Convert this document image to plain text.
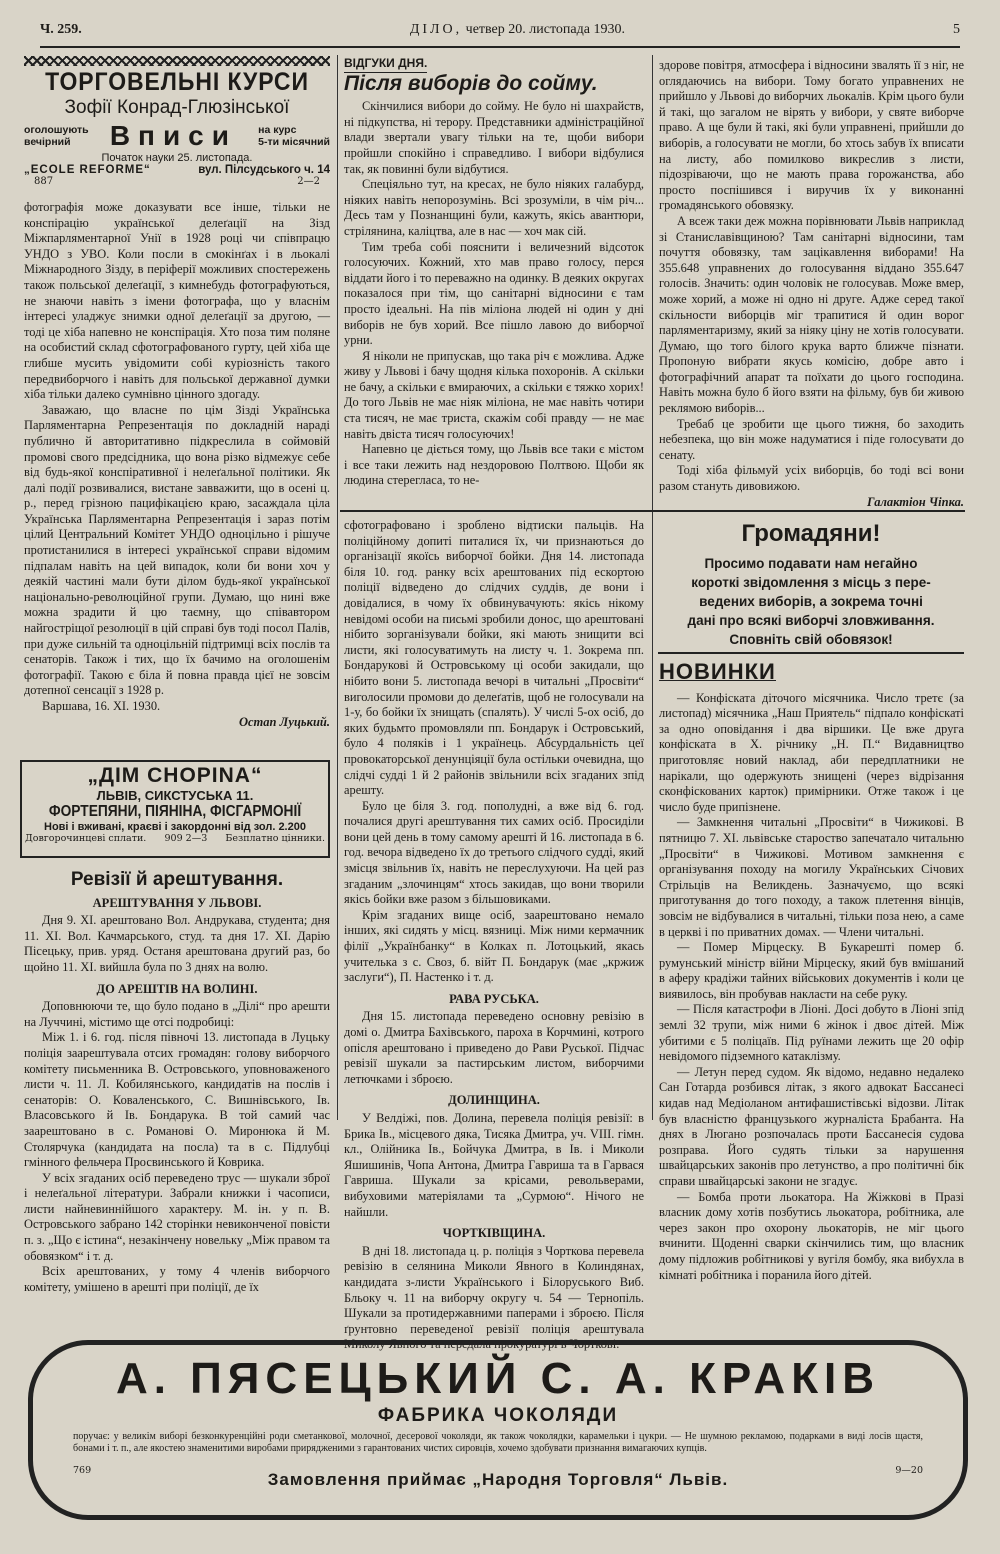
Ч. 259.	ДІЛО, четвер 20. листопада 1930.	5
ТОРГОВЕЛЬНІ КУРСИ
Зофії Конрад-Глюзінської
оголошують
вечірний	Вписи на курс
5-ти місячний
Початок науки 25. листопада.
„ECOLE REFORME“	вул. Пілсудського ч. 14
887	2—2

фотографія може доказувати все інше, тільки не конспірацію української делеґації на Зізд Міжпарляментарної Унії в 1928 році чи співпрацю УНДО з УВО. Коли посли в смокінґах і в льокалі Міжнародного Зізду, в періферії можливих спостережень також польської делеґації, з кимнебудь фотографуються, не знаючи навіть з імени фотографа, що у власнім інтересі уладжує знимки одної делеґації за другою, — тоді це хіба напевно не конспірація. Хто поза тим поляне на особистий склад сфотографованого гурту, цей хіба ще глибше мусить увідомити собі куріозність такого передвиборчого і навіть для польської державної думки хіба тільки далеко сумнівно цінного здогаду.

Заважаю, що власне по цім Зізді Українська Парляментарна Репрезентація по докладній нараді публично й авторитативно підкреслила в соймовій промові свого предсідника, що вона різко відмежує себе від будь-якої конспіративної і нелеґальної політики. Як далі події розвивалися, вистане завважити, що в осені ц. р., перед грізною пацифікацією краю, засаждала ціла Українська Парляментарна Репрезентація і зараз потім цілий Центральний Комітет УНДО одноцільно і рішуче протистанилися в інтересі української справи відомим підпалам навіть на цей випадок, коли би вони хоч у деякій частині мали бути ділом будь-якої української національно-революційної групи. Думаю, що нині вже можна зрадити й цю таємну, що співавтором найгостріщої резолюції в цій справі був тоді посол Палів, при дуже сильній та одноцільній підтримці всіх послів та сенаторів. Також і тих, що їх бачимо на оголошенім фотографії. Такою є біла й повна правда цієї не зовсім дотепної сенсації з 1928 р.

Варшава, 16. XI. 1930.

Остап Луцький.
„ДІМ CHOPINA“
ЛЬВІВ, СИКСТУСЬКА 11.
ФОРТЕПЯНИ, ПІЯНІНА, ФІСГАРМОНІЇ
Нові і вживані, краєві і закордонні від зол. 2.200
Довгорочинцеві сплати. 909 2—3 Безплатно цінники.
Ревізії й арештування.
АРЕШТУВАННЯ У ЛЬВОВІ.

Дня 9. XI. арештовано Вол. Андрукава, студента; дня 11. XI. Вол. Качмарського, студ. та дня 17. XI. Дарію Пісецьку, прив. уряд. Останя арештована другий раз, бо щойно 11. XI. вийшла була по 3 днях на волю.

ДО АРЕШТІВ НА ВОЛИНІ.

Доповнюючи те, що було подано в „Ділі“ про арешти на Луччині, містимо ще отсі подробиці:

Між 1. і 6. год. після півночі 13. листопада в Луцьку поліція заарештувала отсих громадян: голову виборчого комітету письменника В. Островського, уповноваженого листи ч. 11. Л. Кобилянського, кандидатів на послів і сенаторів: О. Коваленського, С. Вишнівського, Ів. Власовського й Ів. Бондарука. В той самий час заарештовано в с. Романові О. Миронюка й М. Столярчука (кандидата на посла) та в с. Підлубці гмінного фельчера Просвинського й Коврика.

У всіх згаданих осіб переведено трус — шукали зброї і нелеґальної літератури. Забрали книжки і часописи, листи найневиннійшого характеру. М. ін. у п. В. Островського забрано 142 сторінки невиконченої повісти п. з. „Що є істина“, незакінчену новельку „Між правом та обовязком“ і т. д.

Всіх арештованих, у тому 4 членів виборчого комітету, умішено в арешті при поліції, де їх

ВІДГУКИ ДНЯ.
Після виборів до сойму.

Скінчилися вибори до сойму. Не було ні шахрайств, ні підкупства, ні терору. Представники адміністраційної влади звертали увагу тільки на те, щоби вибори пройшли спокійно і справедливо. І вибори відбулися так, як повинні були відбутися.

Спеціяльно тут, на кресах, не було ніяких галабурд, ніяких навіть непорозумінь. Всі зрозуміли, в чім річ... Десь там у Познанщині були, кажуть, якісь авантюри, стрілянина, каліцтва, але в нас — хоч мак сій.

Тим треба собі пояснити і величезний відсоток голосуючих. Кожний, хто мав право голосу, перся віддати його і то переважно на одинку. В деяких округах показалося при тім, що санітарні відносини є там просто ідеальні. На пів міліона людей ні один у дні виборів не був хорий. Все пішло лавою до виборчої урни.

Я ніколи не припускав, що така річ є можлива. Адже живу у Львові і бачу щодня кілька похоронів. А скільки не бачу, а скільки є вмираючих, а скільки є тяжко хорих! До того Львів не має ніяк міліона, не має навіть чотири ста тисяч, не має триста, скажім собі правду — не має навіть двіста тисяч голосуючих!

Напевно це діється тому, що Львів все таки є містом і все таки лежить над нездоровою Полтвою. Щоби як людина стерегласа, то не-

здорове повітря, атмосфера і відносини звалять її з ніг, не оглядаючись на вибори. Тому богато управнених не прийшло у Львові до виборчих льокалів. Крім цього були й такі, що загалом не вірять у вибори, у святе виборче право. А ще були й такі, які були управнені, прийшли до виборів, а голосувати не могли, бо хтось забув їх вписати на листу, або помилково викреслив з листи, підозріваючи, що не мають права горожанства, або просто поспішився і виручив їх у виконанні громадянського обовязку.

А всеж таки деж можна порівнювати Львів наприклад зі Станиславівщиною? Там санітарні відносини, там почуття обовязку, там зацікавлення виборами! На 355.648 управнених до голосування віддано 355.647 голосів. Значить: один чоловік не голосував. Може вмер, може хорий, а може ні одно ні друге. Адже серед такої скільности виборців міг трапитися й один ворог парляментаризму, який за ніяку ціну не хотів голосувати. Думаю, що того білого крука варто ближче пізнати. Пропоную вибрати якусь комісію, добре авто і фотографічний апарат та поїхати до цього господина. Навіть можна було б його взяти на фільму, був би живою реклямою виборів...

Требаб це зробити ще цього тижня, бо заходить небезпека, що він може надуматися і піде голосувати до сенату.

Тоді хіба фільмуй усіх виборців, бо тоді всі вони разом стануть дивовижою.

Галактіон Чіпка.

сфотографовано і зроблено відтиски пальців. На поліційному допиті питалися їх, чи признаються до організації якоїсь виборчої бойки. Дня 14. листопада біля 10. год. ранку всіх арештованих під ескортою поліції відведено до слідчих суддів, де вони і довідалися, в чому їх обвинувачують: якісь нікому невідомі особи на письмі зробили донос, що арештовані нібито зорганізували бойки, які мають знищити всі листи, які голосуватимуть на листу ч. 1. Зокрема пп. Бондарукові й Островському ці особи закидали, що нібито вони 5. листопада вечорі в читальні „Просвіти“ виголосили промови до делеґатів, щоб не голосували на 1-у, бо бойки їх знищать (спалять). У числі 5-ох осіб, до яких будьмто промовляли пп. Бондарук і Островський, було 4 поляків і 1 українець. Абсурдальність цеї провокаторської денунціяції була остільки очевидна, що слідчі судді 1 й 2 районів звільнили всіх згаданих зпід арешту.

Було це біля 3. год. пополудні, а вже від 6. год. почалися другі арештування тих самих осіб. Просиділи вони цей день в тому самому арешті й 16. листопада в 6. год. вечора відведено їх до третього слідчого судді, який змісця звільнив їх, навіть не переслухуючи. На цей раз згаданим „злочинцям“ хтось закидав, що вони творили якісь бойки вже разом з більшовиками.

Крім згаданих вище осіб, заарештовано немало інших, які сидять у місц. вязниці. Між ними кермачник філії „Українбанку“ в Колках п. Лотоцький, якась учителька з с. Своз, б. війт П. Бондарук (має „кржиж заслуги“), П. Настенко і т. д.

РАВА РУСЬКА.

Дня 15. листопада переведено основну ревізію в домі о. Дмитра Бахівського, пароха в Корчмині, котрого опісля арештовано і приведено до Рави Руської. Підчас ревізії шукали за пастирським листом, виборчими летючками і зброєю.

ДОЛИНЩИНА.

У Велдіжі, пов. Долина, перевела поліція ревізії: в Брика Ів., місцевого дяка, Тисяка Дмитра, уч. VIII. гімн. кл., Олійника Ів., Бойчука Дмитра, в Ів. і Миколи Яшишинів, Чопа Антона, Дмитра Гавриша та в Гарвася Гавриша. Шукали за крісами, револьверами, вибуховими матеріялами та „Сурмою“. Нічого не найшли.

ЧОРТКІВЩИНА.

В дні 18. листопада ц. р. поліція з Чорткова перевела ревізію в селянина Миколи Явного в Колиндянах, кандидата з-листи Українського і Білоруського Виб. Бльоку ч. 11 на виборчу округу ч. 54 — Тернопіль. Шукали за протидержавними паперами і зброєю. Після ґрунтовно переведеної ревізії поліція арештувала Миколу Явного та передала прокуратурі в Чорткові.

Громадяни!
Просимо подавати нам негайно
короткі звідомлення з місць з пере-
ведених виборів, а зокрема точні
дані про всякі виборчі зловживання.
Сповніть свій обовязок!
НОВИНКИ

— Конфіската діточого місячника. Число третє (за листопад) місячника „Наш Приятель“ підпало конфіскаті за одно оповідання і два віршики. Це вже друга конфіската в Х. річнику „Н. П.“ Видавництво приготовляє новий наклад, аби передплатники не нарікали, що одержують знищені (через відрізання сконфіскованих карток) примірники. Отже також і це число буде припізнене.

— Замкнення читальні „Просвіти“ в Чижикові. В пятницю 7. XI. львівське староство запечатало читальню „Просвіти“ в Чижикові. Мотивом замкнення є організування походу на могилу Українських Січових Стрільців на Великдень. Зазначуємо, що всякі приготування до того походу, а також плетення вінців, зовсім не відбувалися в читальні, тільки поза нею, а саме в церкві і по приватних домах. — Члени читальні.

— Помер Мірцеску. В Букарешті помер б. румунський міністр війни Мірцеску, який був вмішаний в аферу крадіжи тайних військових документів і коли це виявилось, він пробував накласти на себе руку.

— Після катастрофи в Ліоні. Досі добуто в Ліоні зпід землі 32 трупи, між ними 6 жінок і двоє дітей. Між убитими є 5 поліцаїв. Під руїнами лежить ще 20 офір невідомого підземного катаклізму.

— Летун перед судом. Як відомо, недавно недалеко Сан Готарда розбився літак, з якого адвокат Бассанесі кидав над Медіоланом антифашистівські відозви. Літак був власністю французького журналіста Брабанта. На днях в Люгано розпочалась проти Бассанесія судова розправа. Його судять тільки за нарушення швайцарських законів про летунство, а про політичні бік справи швайцарські закони не згадує.

— Бомба проти льокатора. На Жіжкові в Празі власник дому хотів позбутись льокатора, робітника, але через закон про охорону льокаторів, не міг цього вчинити. Щоденні сварки скінчились тим, що власник дому підложив робітникові у вугіля бомбу, яка вибухла в кімнаті робітника і поранила його дітей.

А. ПЯСЕЦЬКИЙ С. А. КРАКІВ
ФАБРИКА ЧОКОЛЯДИ
поручає: у великім виборі безконкуренційні роди сметанкової, молочної, десерової чоколяди, як також чоколядки, карамельки і цукри. — Не шумною рекламою, подарками в виді лосів щастя, бонами і т. п., але якостею знаменитими виробами прирядженими з гарантованих чистих сировців, хочемо здобувати признання вимагаючих купців.
769	9—20
Замовлення приймає „Народня Торговля“ Львів.
